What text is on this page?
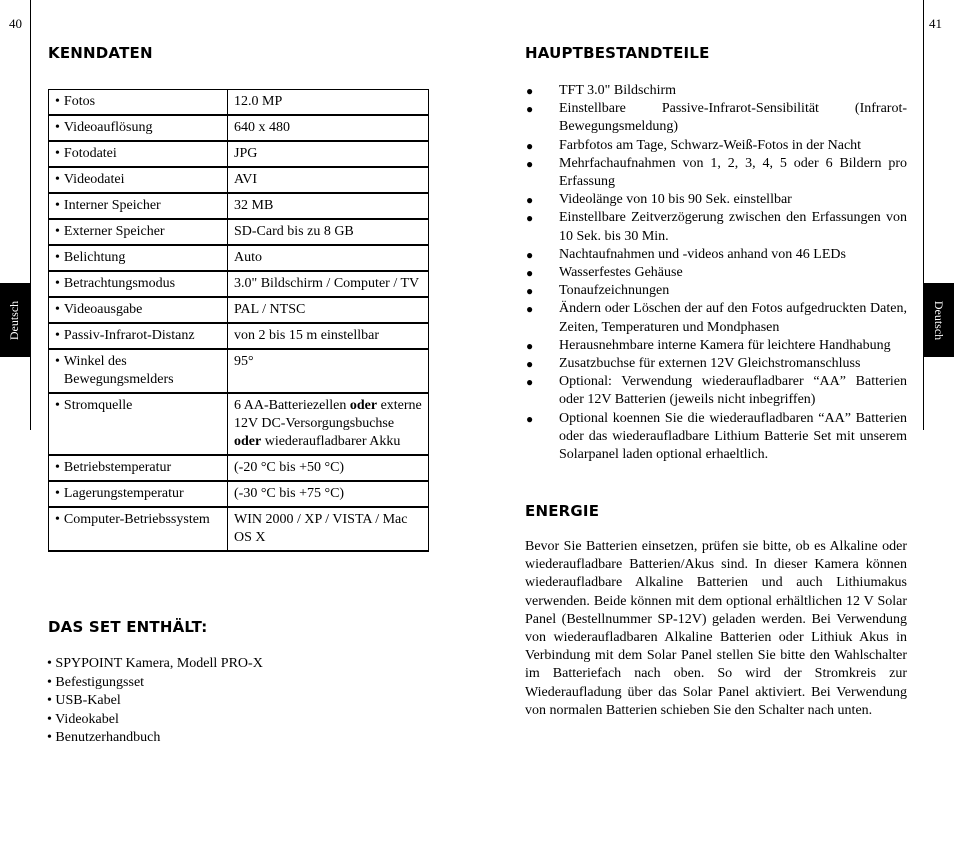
40	41
Deutsch	Deutsch
KENNDATEN
• Fotos	12.0 MP

• Videoauflösung	640 x 480

• Fotodatei	JPG

• Videodatei	AVI

• Interner Speicher	32 MB

• Externer Speicher	SD-Card bis zu 8 GB

• Belichtung	Auto

• Betrachtungsmodus	3.0" Bildschirm / Computer / TV

• Videoausgabe	PAL / NTSC

• Passiv-Infrarot-Distanz	von 2 bis 15 m einstellbar

• Winkel des Bewegungsmelders	95°

• Stromquelle	6 AA-Batteriezellen oder externe 12V DC-Versorgungsbuchse oder wiederaufladbarer Akku

• Betriebstemperatur	(-20 °C bis +50 °C)

• Lagerungstemperatur	(-30 °C bis +75 °C)

• Computer-Betriebssystem	WIN 2000 / XP / VISTA / Mac OS X
DAS SET ENTHÄLT:
• SPYPOINT Kamera, Modell PRO-X
• Befestigungsset
• USB-Kabel
• Videokabel
• Benutzerhandbuch
HAUPTBESTANDTEILE
● TFT 3.0" Bildschirm
● Einstellbare Passive-Infrarot-Sensibilität (Infrarot-Bewegungsmeldung)
● Farbfotos am Tage, Schwarz-Weiß-Fotos in der Nacht
● Mehrfachaufnahmen von 1, 2, 3, 4, 5 oder 6 Bildern pro Erfassung
● Videolänge von 10 bis 90 Sek. einstellbar
● Einstellbare Zeitverzögerung zwischen den Erfassungen von 10 Sek. bis 30 Min.
● Nachtaufnahmen und -videos anhand von 46 LEDs
● Wasserfestes Gehäuse
● Tonaufzeichnungen
● Ändern oder Löschen der auf den Fotos aufgedruckten Daten, Zeiten, Temperaturen und Mondphasen
● Herausnehmbare interne Kamera für leichtere Handhabung
● Zusatzbuchse für externen 12V Gleichstromanschluss
● Optional: Verwendung wiederaufladbarer “AA” Batterien oder 12V Batterien (jeweils nicht inbegriffen)
● Optional koennen Sie die wiederaufladbaren “AA” Batterien oder das wiederaufladbare Lithium Batterie Set mit unserem Solarpanel laden optional erhaeltlich.
ENERGIE

Bevor Sie Batterien einsetzen, prüfen sie bitte, ob es Alkaline oder wiederaufladbare Batterien/Akus sind. In dieser Kamera können wiederaufladbare Alkaline Batterien und auch Lithiumakus verwenden. Beide können mit dem optional erhältlichen 12 V Solar Panel (Bestellnummer SP-12V) geladen werden. Bei Verwendung von wiederaufladbaren Alkaline Batterien oder Lithiuk Akus in Verbindung mit dem Solar Panel stellen Sie bitte den Wahlschalter im Batteriefach nach oben. So wird der Stromkreis zur Wiederaufladung über das Solar Panel aktiviert. Bei Verwendung von normalen Batterien schieben Sie den Schalter nach unten.
